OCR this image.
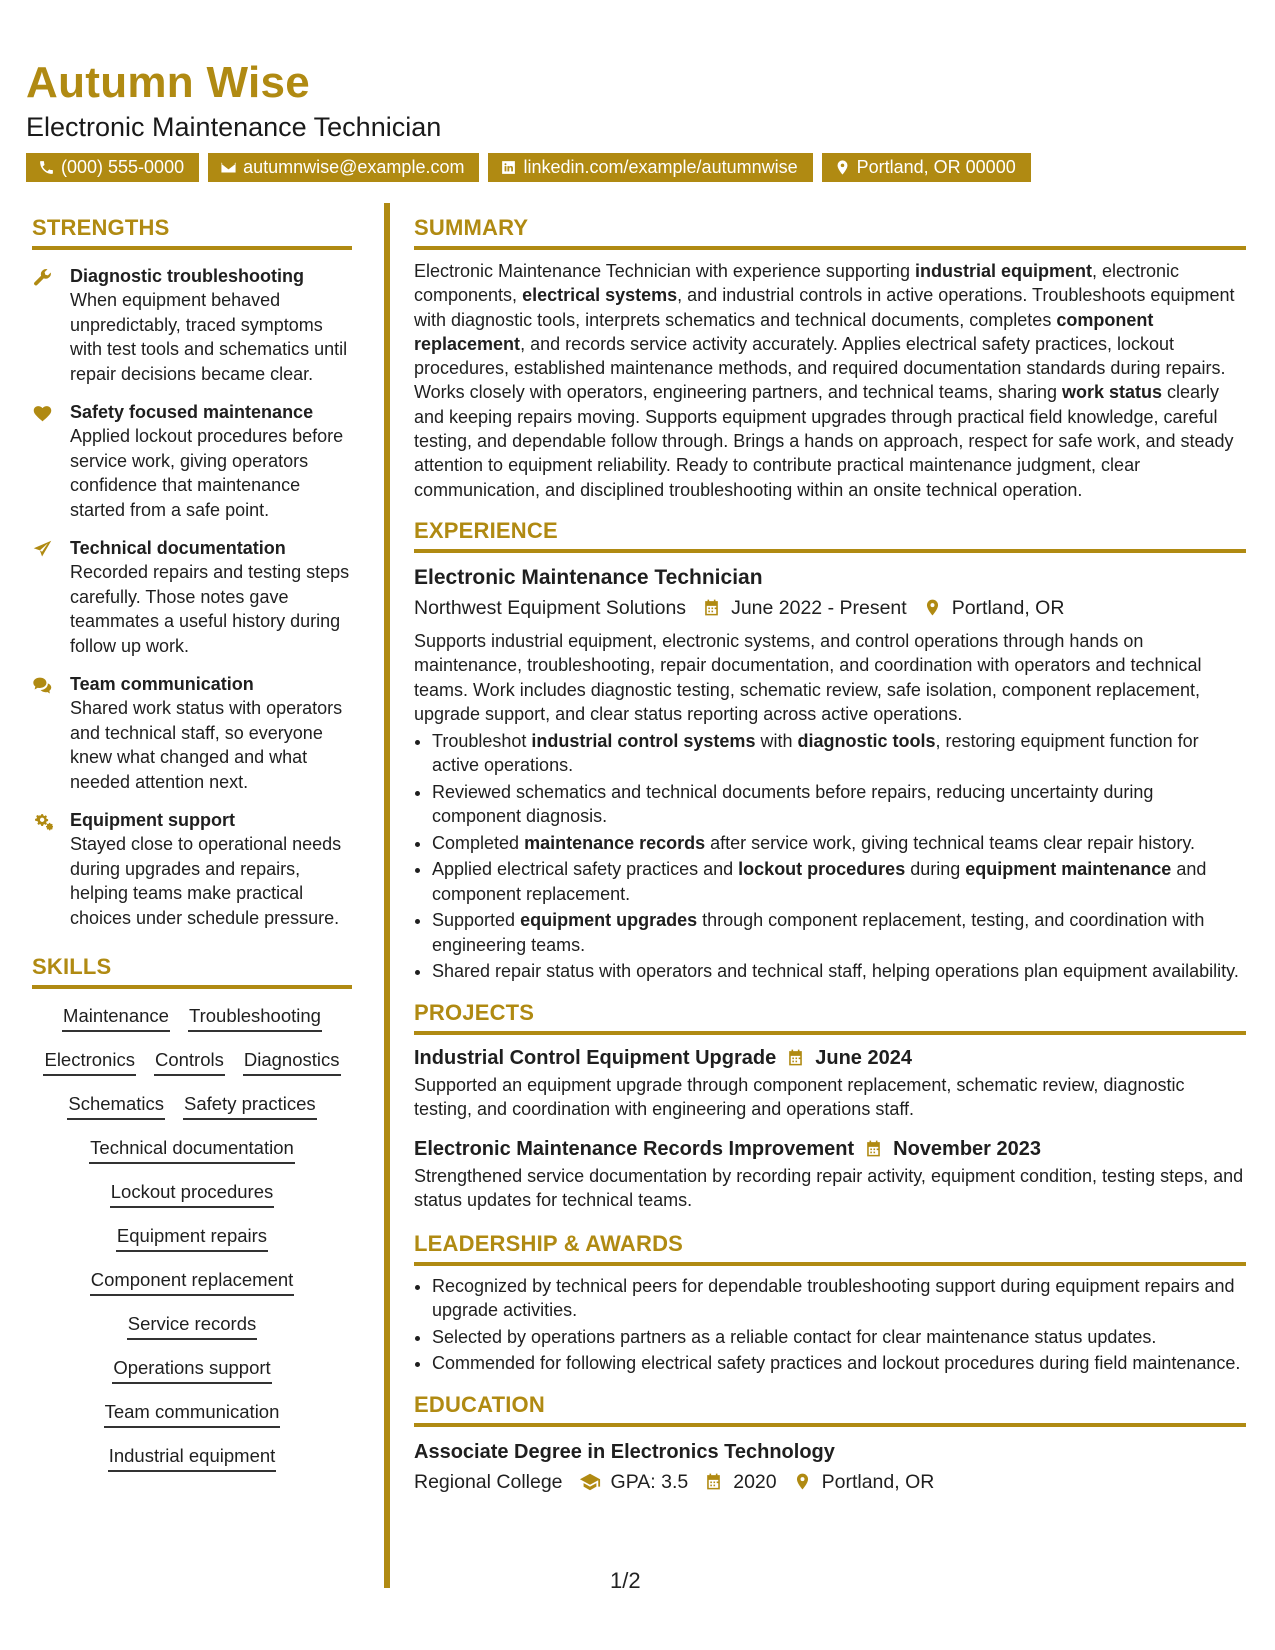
Autumn Wise
Electronic Maintenance Technician
(000) 555-0000	autumnwise@example.com	linkedin.com/example/autumnwise	Portland, OR 00000
STRENGTHS
Diagnostic troubleshooting
When equipment behaved unpredictably, traced symptoms with test tools and schematics until repair decisions became clear.
Safety focused maintenance
Applied lockout procedures before service work, giving operators confidence that maintenance started from a safe point.
Technical documentation
Recorded repairs and testing steps carefully. Those notes gave teammates a useful history during follow up work.
Team communication
Shared work status with operators and technical staff, so everyone knew what changed and what needed attention next.
Equipment support
Stayed close to operational needs during upgrades and repairs, helping teams make practical choices under schedule pressure.
SKILLS
Maintenance Troubleshooting
Electronics Controls Diagnostics
Schematics Safety practices
Technical documentation
Lockout procedures
Equipment repairs
Component replacement
Service records
Operations support
Team communication
Industrial equipment
SUMMARY

Electronic Maintenance Technician with experience supporting industrial equipment, electronic components, electrical systems, and industrial controls in active operations. Troubleshoots equipment with diagnostic tools, interprets schematics and technical documents, completes component replacement, and records service activity accurately. Applies electrical safety practices, lockout procedures, established maintenance methods, and required documentation standards during repairs. Works closely with operators, engineering partners, and technical teams, sharing work status clearly and keeping repairs moving. Supports equipment upgrades through practical field knowledge, careful testing, and dependable follow through. Brings a hands on approach, respect for safe work, and steady attention to equipment reliability. Ready to contribute practical maintenance judgment, clear communication, and disciplined troubleshooting within an onsite technical operation.

EXPERIENCE
Electronic Maintenance Technician
Northwest Equipment Solutions June 2022 - Present Portland, OR

Supports industrial equipment, electronic systems, and control operations through hands on maintenance, troubleshooting, repair documentation, and coordination with operators and technical teams. Work includes diagnostic testing, schematic review, safe isolation, component replacement, upgrade support, and clear status reporting across active operations.

• Troubleshot industrial control systems with diagnostic tools, restoring equipment function for active operations.
• Reviewed schematics and technical documents before repairs, reducing uncertainty during component diagnosis.
• Completed maintenance records after service work, giving technical teams clear repair history.
• Applied electrical safety practices and lockout procedures during equipment maintenance and component replacement.
• Supported equipment upgrades through component replacement, testing, and coordination with engineering teams.
• Shared repair status with operators and technical staff, helping operations plan equipment availability.
PROJECTS
Industrial Control Equipment Upgrade June 2024
Supported an equipment upgrade through component replacement, schematic review, diagnostic testing, and coordination with engineering and operations staff.
Electronic Maintenance Records Improvement November 2023
Strengthened service documentation by recording repair activity, equipment condition, testing steps, and status updates for technical teams.
LEADERSHIP & AWARDS
• Recognized by technical peers for dependable troubleshooting support during equipment repairs and upgrade activities.
• Selected by operations partners as a reliable contact for clear maintenance status updates.
• Commended for following electrical safety practices and lockout procedures during field maintenance.
EDUCATION
Associate Degree in Electronics Technology
Regional College GPA: 3.5 2020 Portland, OR
1/2
